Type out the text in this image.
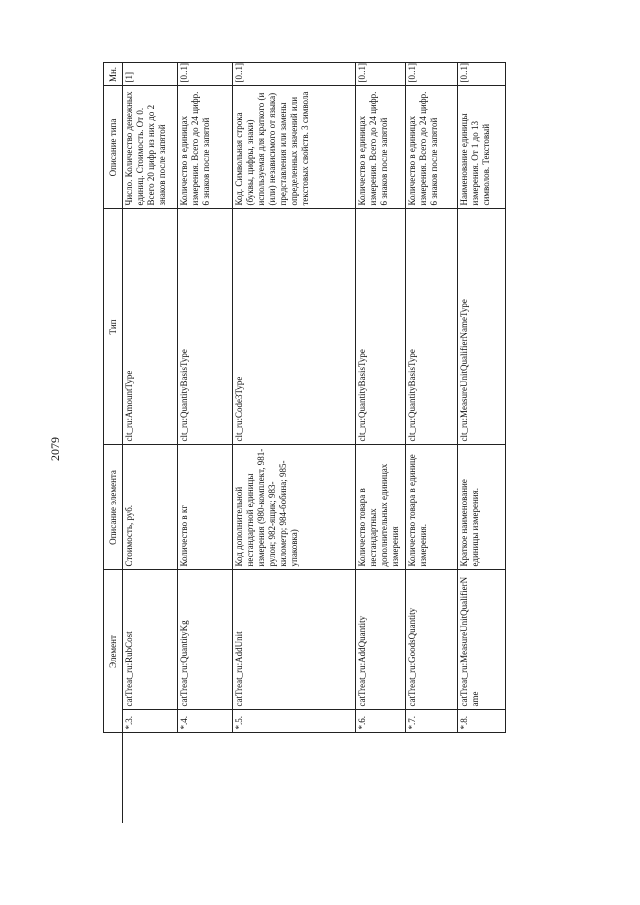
2079
	Элемент		Описание элемента	Тип	Описание типа	Мн.
	*.3.	catTreat_ru:RubCost	Стоимость, руб.	clt_ru:AmountType	Число. Количество денежных единиц. Стоимость. От 0. Всего 20 цифр из них до 2 знаков после запятой	[1]
	*.4.	catTreat_ru:QuantityKg	Количество в кг	clt_ru:QuantityBasisType	Количество в единицах измерения. Всего до 24 цифр. 6 знаков после запятой	[0..1]
	*.5.	catTreat_ru:AddUnit	Код дополнительной нестандартной единицы измерения (980-комплект, 981-рулон; 982-ящик; 983-километр; 984-бобина; 985-упаковка)	clt_ru:Code3Type	Код. Символьная строка (буквы, цифры, знаки) используемая для краткого (и (или) независимого от языка) представления или замены определенных значений или текстовых свойств. 3 символа	[0..1]
	*.6.	catTreat_ru:AddQuantity	Количество товара в нестандартных дополнительных единицах измерения	clt_ru:QuantityBasisType	Количество в единицах измерения. Всего до 24 цифр. 6 знаков после запятой	[0..1]
	*.7.	catTreat_ru:GoodsQuantity	Количество товара в единице измерения.	clt_ru:QuantityBasisType	Количество в единицах измерения. Всего до 24 цифр. 6 знаков после запятой	[0..1]
	*.8.	catTreat_ru:MeasureUnitQualifierName	Краткое наименование единицы измерения.	clt_ru:MeasureUnitQualifierNameType	Наименование единицы измерения. От 1 до 13 символов. Текстовый	[0..1]
